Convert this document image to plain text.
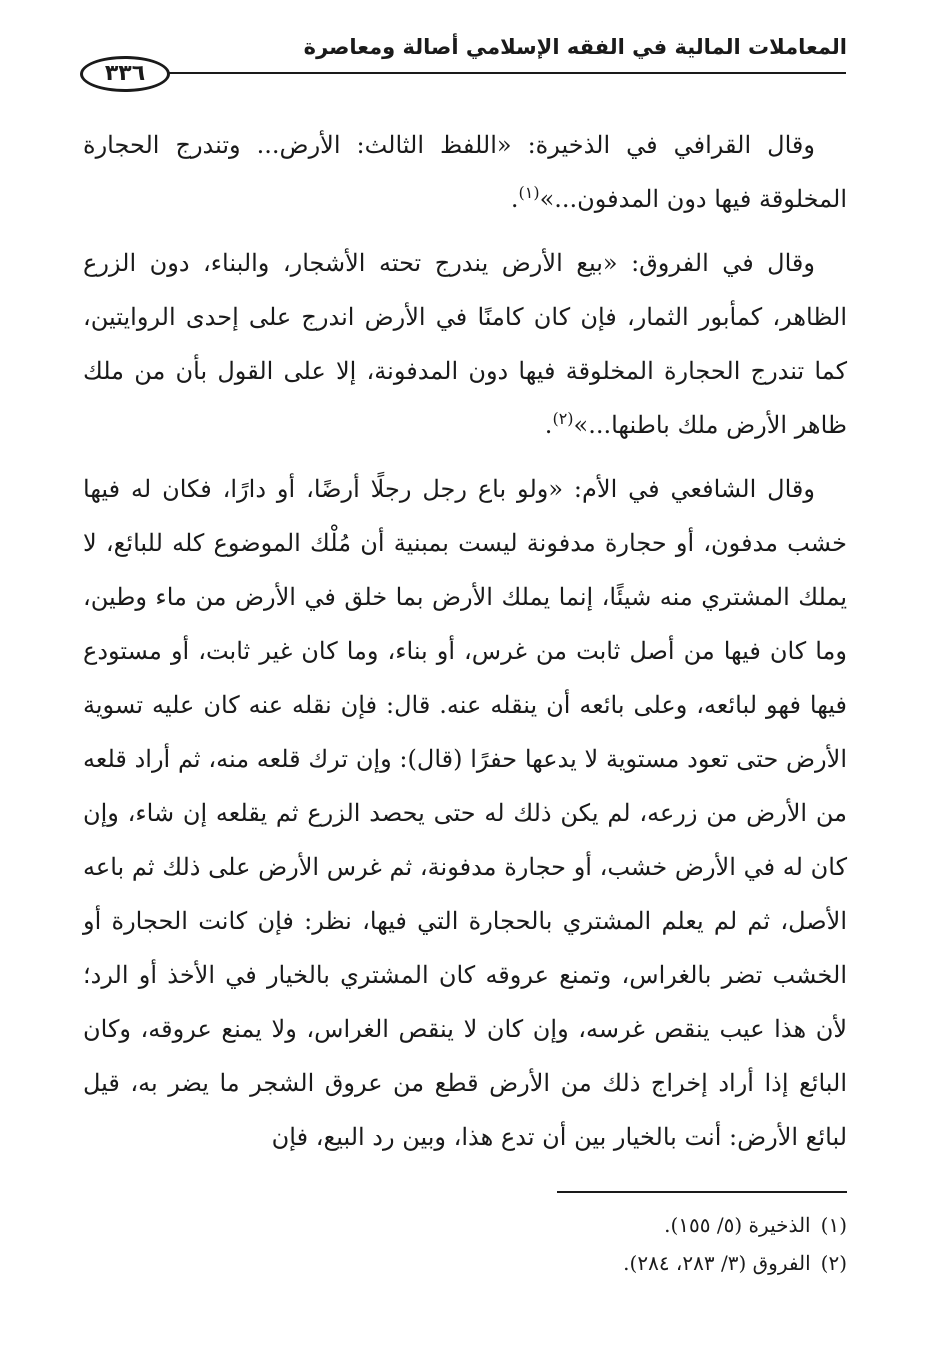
المعاملات المالية في الفقه الإسلامي أصالة ومعاصرة
٣٣٦

وقال القرافي في الذخيرة: «اللفظ الثالث: الأرض... وتندرج الحجارة المخلوقة فيها دون المدفون...»$^{(١)}$.

وقال في الفروق: «بيع الأرض يندرج تحته الأشجار، والبناء، دون الزرع الظاهر، كمأبور الثمار، فإن كان كامنًا في الأرض اندرج على إحدى الروايتين، كما تندرج الحجارة المخلوقة فيها دون المدفونة، إلا على القول بأن من ملك ظاهر الأرض ملك باطنها...»$^{(٢)}$.

وقال الشافعي في الأم: «ولو باع رجل رجلًا أرضًا، أو دارًا، فكان له فيها خشب مدفون، أو حجارة مدفونة ليست بمبنية أن مُلْك الموضوع كله للبائع، لا يملك المشتري منه شيئًا، إنما يملك الأرض بما خلق في الأرض من ماء وطين، وما كان فيها من أصل ثابت من غرس، أو بناء، وما كان غير ثابت، أو مستودع فيها فهو لبائعه، وعلى بائعه أن ينقله عنه. قال: فإن نقله عنه كان عليه تسوية الأرض حتى تعود مستوية لا يدعها حفرًا (قال): وإن ترك قلعه منه، ثم أراد قلعه من الأرض من زرعه، لم يكن ذلك له حتى يحصد الزرع ثم يقلعه إن شاء، وإن كان له في الأرض خشب، أو حجارة مدفونة، ثم غرس الأرض على ذلك ثم باعه الأصل، ثم لم يعلم المشتري بالحجارة التي فيها، نظر: فإن كانت الحجارة أو الخشب تضر بالغراس، وتمنع عروقه كان المشتري بالخيار في الأخذ أو الرد؛ لأن هذا عيب ينقص غرسه، وإن كان لا ينقص الغراس، ولا يمنع عروقه، وكان البائع إذا أراد إخراج ذلك من الأرض قطع من عروق الشجر ما يضر به، قيل لبائع الأرض: أنت بالخيار بين أن تدع هذا، وبين رد البيع، فإن

(١)الذخيرة (٥/ ١٥٥).

(٢)الفروق (٣/ ٢٨٣، ٢٨٤).
